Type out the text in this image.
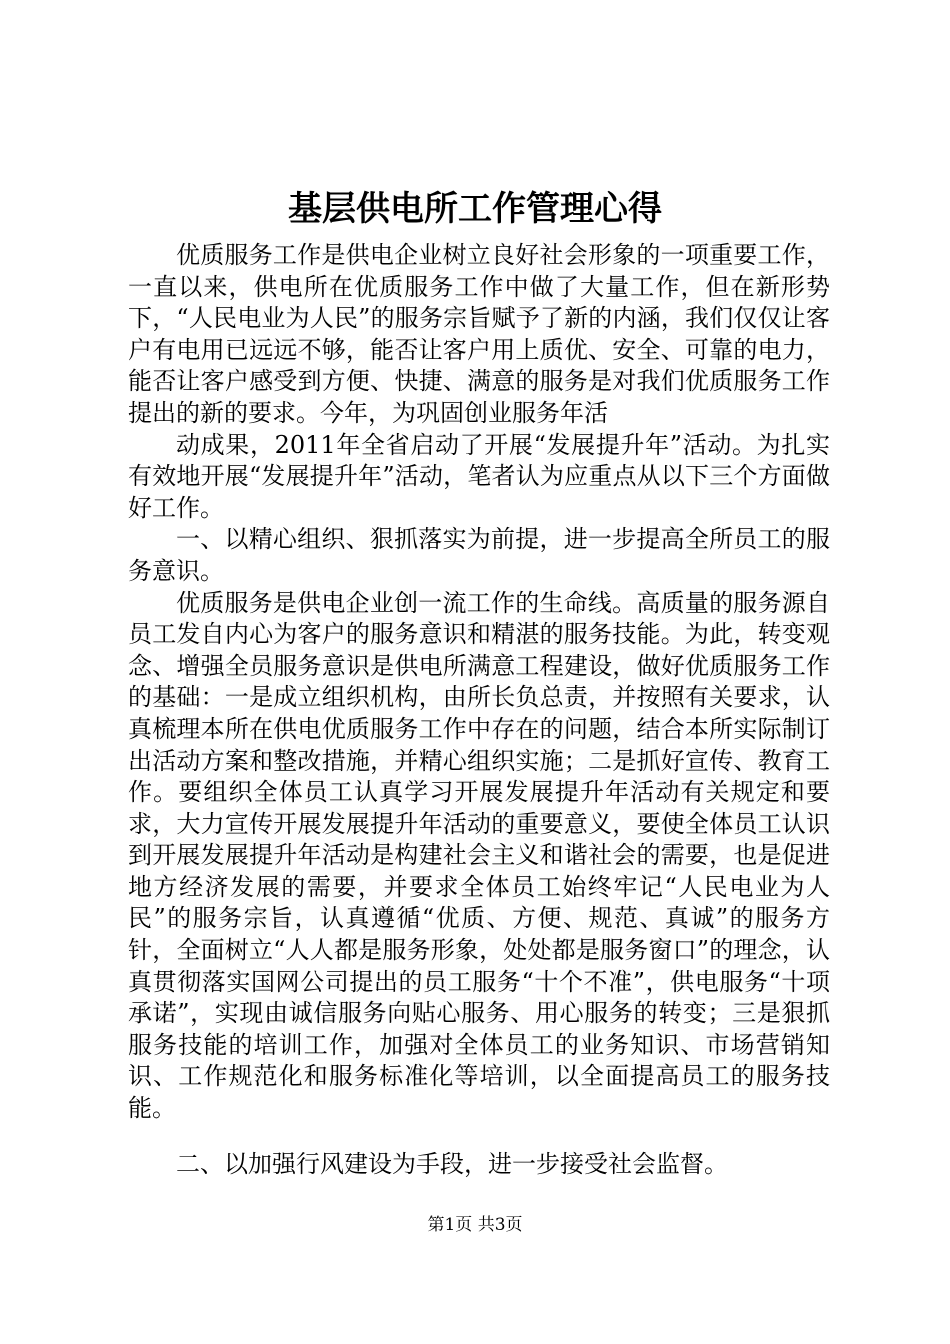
基层供电所工作管理心得

优质服务工作是供电企业树立良好社会形象的一项重要工作，一直以来，供电所在优质服务工作中做了大量工作，但在新形势下，“人民电业为人民”的服务宗旨赋予了新的内涵，我们仅仅让客户有电用已远远不够，能否让客户用上质优、安全、可靠的电力，能否让客户感受到方便、快捷、满意的服务是对我们优质服务工作提出的新的要求。今年，为巩固创业服务年活

动成果，2011年全省启动了开展“发展提升年”活动。为扎实有效地开展“发展提升年”活动，笔者认为应重点从以下三个方面做好工作。

一、以精心组织、狠抓落实为前提，进一步提高全所员工的服务意识。

优质服务是供电企业创一流工作的生命线。高质量的服务源自员工发自内心为客户的服务意识和精湛的服务技能。为此，转变观念、增强全员服务意识是供电所满意工程建设，做好优质服务工作的基础：一是成立组织机构，由所长负总责，并按照有关要求，认真梳理本所在供电优质服务工作中存在的问题，结合本所实际制订出活动方案和整改措施，并精心组织实施；二是抓好宣传、教育工作。要组织全体员工认真学习开展发展提升年活动有关规定和要求，大力宣传开展发展提升年活动的重要意义，要使全体员工认识到开展发展提升年活动是构建社会主义和谐社会的需要，也是促进地方经济发展的需要，并要求全体员工始终牢记“人民电业为人民”的服务宗旨，认真遵循“优质、方便、规范、真诚”的服务方针，全面树立“人人都是服务形象，处处都是服务窗口”的理念，认真贯彻落实国网公司提出的员工服务“十个不准”，供电服务“十项承诺”，实现由诚信服务向贴心服务、用心服务的转变；三是狠抓服务技能的培训工作，加强对全体员工的业务知识、市场营销知识、工作规范化和服务标准化等培训，以全面提高员工的服务技能。

二、以加强行风建设为手段，进一步接受社会监督。

第1页 共3页
